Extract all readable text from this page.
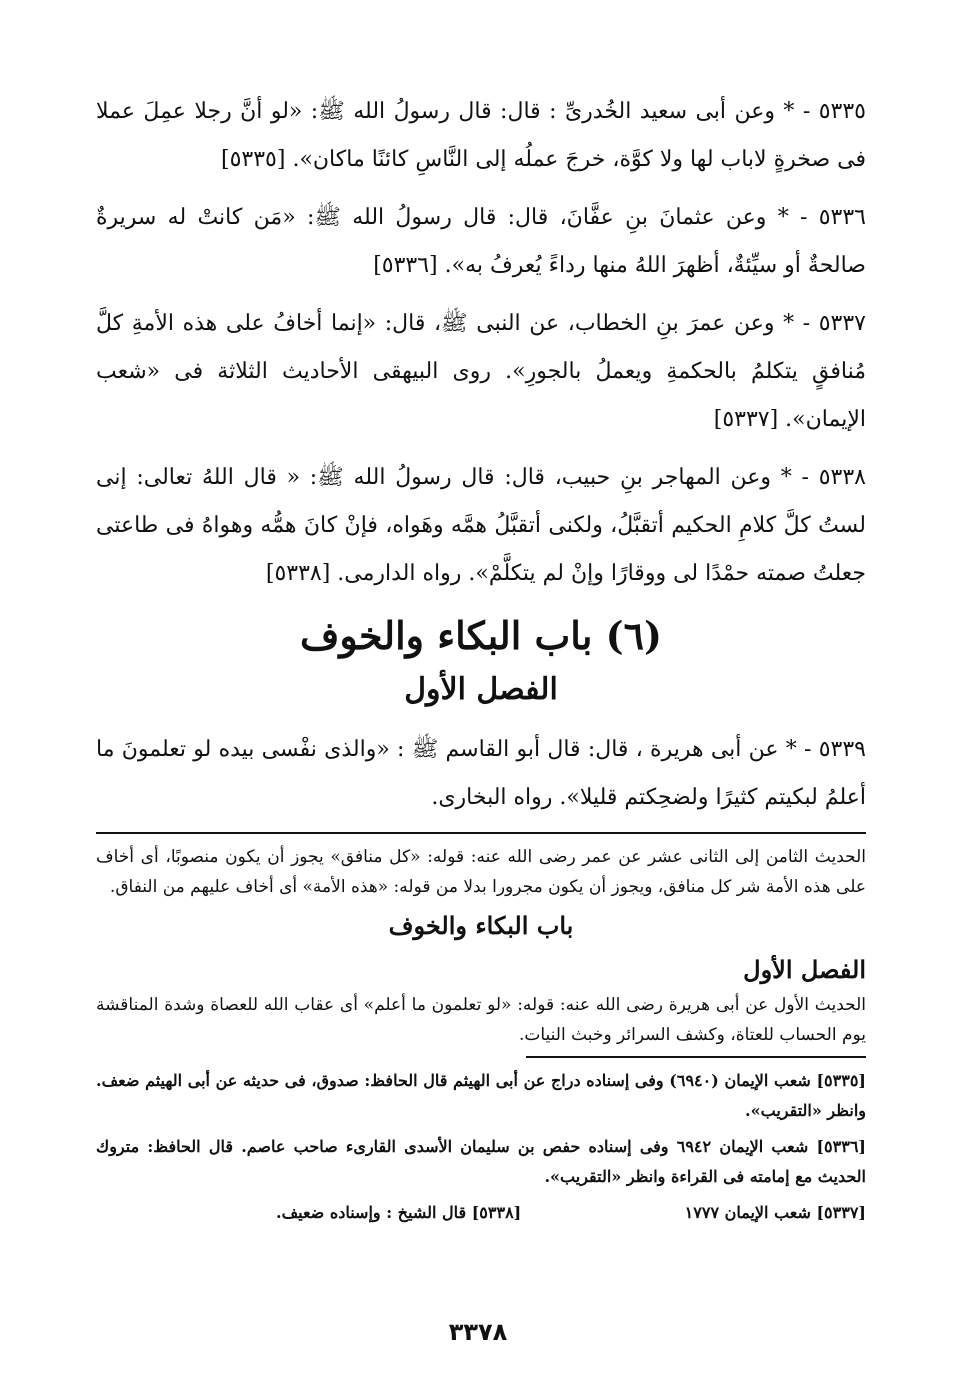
٥٣٣٥ - * وعن أبى سعيد الخُدرىِّ : قال: قال رسولُ الله ﷺ: «لو أنَّ رجلا عمِلَ عملا فى صخرةٍ لاباب لها ولا كوَّة، خرجَ عملُه إلى النَّاسِ كائنًا ماكان». [٥٣٣٥]

٥٣٣٦ - * وعن عثمانَ بنِ عفَّانَ، قال: قال رسولُ الله ﷺ: «مَن كانتْ له سريرةٌ صالحةٌ أو سيِّئةٌ، أظهرَ اللهُ منها رداءً يُعرفُ به». [٥٣٣٦]

٥٣٣٧ - * وعن عمرَ بنِ الخطاب، عن النبى ﷺ، قال: «إنما أخافُ على هذه الأمةِ كلَّ مُنافقٍ يتكلمُ بالحكمةِ ويعملُ بالجورِ». روى البيهقى الأحاديث الثلاثة فى «شعب الإيمان». [٥٣٣٧]

٥٣٣٨ - * وعن المهاجر بنِ حبيب، قال: قال رسولُ الله ﷺ: « قال اللهُ تعالى: إنى لستُ كلَّ كلامِ الحكيم أتقبَّلُ، ولكنى أتقبَّلُ همَّه وهَواه، فإنْ كانَ همُّه وهواهُ فى طاعتى جعلتُ صمته حمْدًا لى ووقارًا وإنْ لم يتكلَّمْ». رواه الدارمى. [٥٣٣٨]

(٦) باب البكاء والخوف
الفصل الأول

٥٣٣٩ - * عن أبى هريرة ، قال: قال أبو القاسم ﷺ : «والذى نفْسى بيده لو تعلمونَ ما أعلمُ لبكيتم كثيرًا ولضحِكتم قليلا». رواه البخارى.

الحديث الثامن إلى الثانى عشر عن عمر رضى الله عنه: قوله: «كل منافق» يجوز أن يكون منصوبًا، أى أخاف على هذه الأمة شر كل منافق، ويجوز أن يكون مجرورا بدلا من قوله: «هذه الأمة» أى أخاف عليهم من النفاق.

باب البكاء والخوف
الفصل الأول

الحديث الأول عن أبى هريرة رضى الله عنه: قوله: «لو تعلمون ما أعلم» أى عقاب الله للعصاة وشدة المناقشة يوم الحساب للعتاة، وكشف السرائر وخبث النيات.

[٥٣٣٥] شعب الإيمان (٦٩٤٠) وفى إسناده دراج عن أبى الهيثم قال الحافظ: صدوق، فى حديثه عن أبى الهيثم ضعف. وانظر «التقريب».

[٥٣٣٦] شعب الإيمان ٦٩٤٢ وفى إسناده حفص بن سليمان الأسدى القارىء صاحب عاصم. قال الحافظ: متروك الحديث مع إمامته فى القراءة وانظر «التقريب».

[٥٣٣٧] شعب الإيمان ١٧٧٧
[٥٣٣٨] قال الشيخ : وإسناده ضعيف.
٣٣٧٨
